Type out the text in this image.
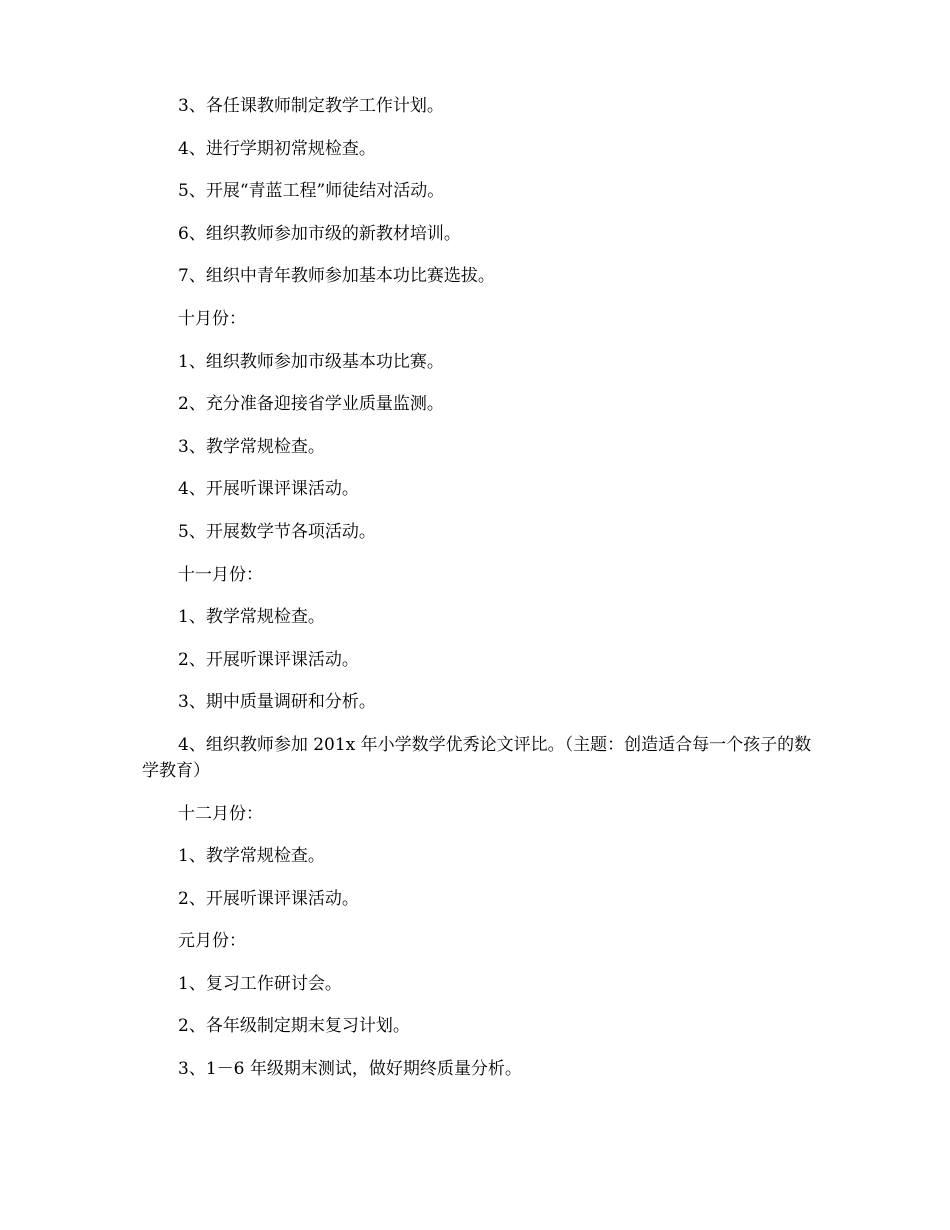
3、各任课教师制定教学工作计划。

4、进行学期初常规检查。

5、开展“青蓝工程”师徒结对活动。

6、组织教师参加市级的新教材培训。

7、组织中青年教师参加基本功比赛选拔。

十月份：

1、组织教师参加市级基本功比赛。

2、充分准备迎接省学业质量监测。

3、教学常规检查。

4、开展听课评课活动。

5、开展数学节各项活动。

十一月份：

1、教学常规检查。

2、开展听课评课活动。

3、期中质量调研和分析。

4、组织教师参加 201x 年小学数学优秀论文评比。（主题：创造适合每一个孩子的数学教育）

十二月份：

1、教学常规检查。

2、开展听课评课活动。

元月份：

1、复习工作研讨会。

2、各年级制定期末复习计划。

3、1－6 年级期末测试，做好期终质量分析。
